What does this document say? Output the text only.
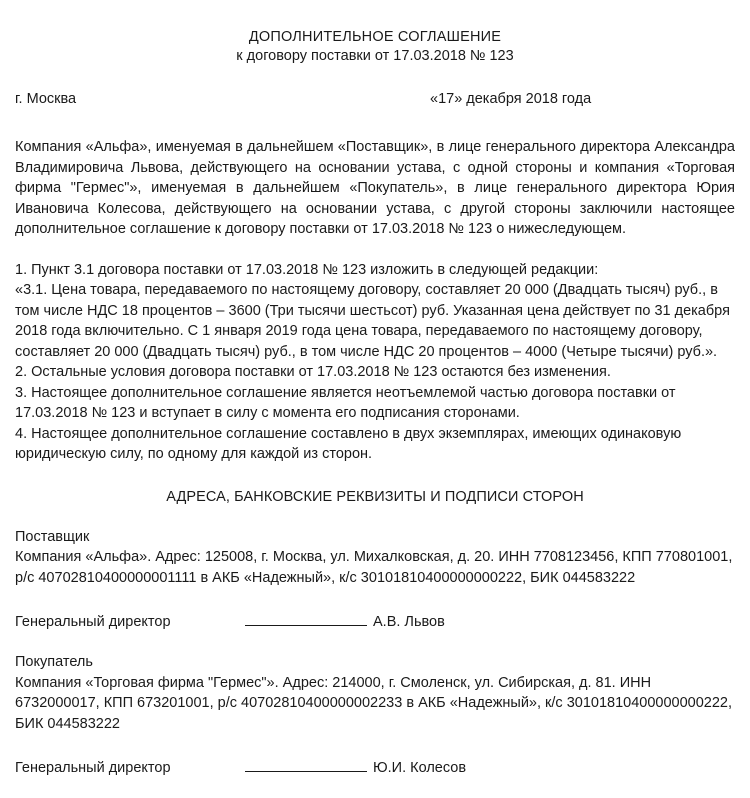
ДОПОЛНИТЕЛЬНОЕ СОГЛАШЕНИЕ
к договору поставки от 17.03.2018 № 123
г. Москва	«17» декабря 2018 года
Компания «Альфа», именуемая в дальнейшем «Поставщик», в лице генерального директора Александра Владимировича Львова, действующего на основании устава, с одной стороны и компания «Торговая фирма "Гермес"», именуемая в дальнейшем «Покупатель», в лице генерального директора Юрия Ивановича Колесова, действующего на основании устава, с другой стороны заключили настоящее дополнительное соглашение к договору поставки от 17.03.2018 № 123 о нижеследующем.

1. Пункт 3.1 договора поставки от 17.03.2018 № 123 изложить в следующей редакции:

«3.1. Цена товара, передаваемого по настоящему договору, составляет 20 000 (Двадцать тысяч) руб., в том числе НДС 18 процентов – 3600 (Три тысячи шестьсот) руб. Указанная цена действует по 31 декабря 2018 года включительно. С 1 января 2019 года цена товара, передаваемого по настоящему договору, составляет 20 000 (Двадцать тысяч) руб., в том числе НДС 20 процентов – 4000 (Четыре тысячи) руб.».

2. Остальные условия договора поставки от 17.03.2018 № 123 остаются без изменения.

3. Настоящее дополнительное соглашение является неотъемлемой частью договора поставки от 17.03.2018 № 123 и вступает в силу с момента его подписания сторонами.

4. Настоящее дополнительное соглашение составлено в двух экземплярах, имеющих одинаковую юридическую силу, по одному для каждой из сторон.

АДРЕСА, БАНКОВСКИЕ РЕКВИЗИТЫ И ПОДПИСИ СТОРОН
Поставщик
Компания «Альфа». Адрес: 125008, г. Москва, ул. Михалковская, д. 20. ИНН 7708123456, КПП 770801001, р/с 40702810400000001111 в АКБ «Надежный», к/с 30101810400000000222, БИК 044583222
Генеральный директор	А.В. Львов
Покупатель
Компания «Торговая фирма "Гермес"». Адрес: 214000, г. Смоленск, ул. Сибирская, д. 81. ИНН 6732000017, КПП 673201001, р/с 40702810400000002233 в АКБ «Надежный», к/с 30101810400000000222, БИК 044583222
Генеральный директор	Ю.И. Колесов
